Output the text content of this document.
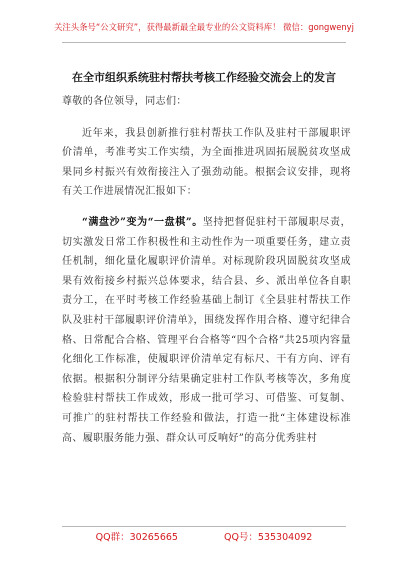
关注头条号“公文研究”，获得最新最全最专业的公文资料库！ 微信：gongwenyj
在全市组织系统驻村帮扶考核工作经验交流会上的发言

尊敬的各位领导，同志们：

近年来，我县创新推行驻村帮扶工作队及驻村干部履职评价清单，考准考实工作实绩，为全面推进巩固拓展脱贫攻坚成果同乡村振兴有效衔接注入了强劲动能。根据会议安排，现将有关工作进展情况汇报如下：

“满盘沙”变为“一盘棋”。坚持把督促驻村干部履职尽责，切实激发日常工作积极性和主动性作为一项重要任务，建立责任机制，细化量化履职评价清单。对标现阶段巩固脱贫攻坚成果有效衔接乡村振兴总体要求，结合县、乡、派出单位各自职责分工，在平时考核工作经验基础上制订《全县驻村帮扶工作队及驻村干部履职评价清单》，围绕发挥作用合格、遵守纪律合格、日常配合合格、管理平台合格等“四个合格”共25项内容量化细化工作标准，使履职评价清单定有标尺、干有方向、评有依据。根据积分制评分结果确定驻村工作队考核等次，多角度检验驻村帮扶工作成效，形成一批可学习、可借鉴、可复制、可推广的驻村帮扶工作经验和做法，打造一批“主体建设标准高、履职服务能力强、群众认可反响好”的高分优秀驻村

QQ群：30265665	QQ号：535304092
